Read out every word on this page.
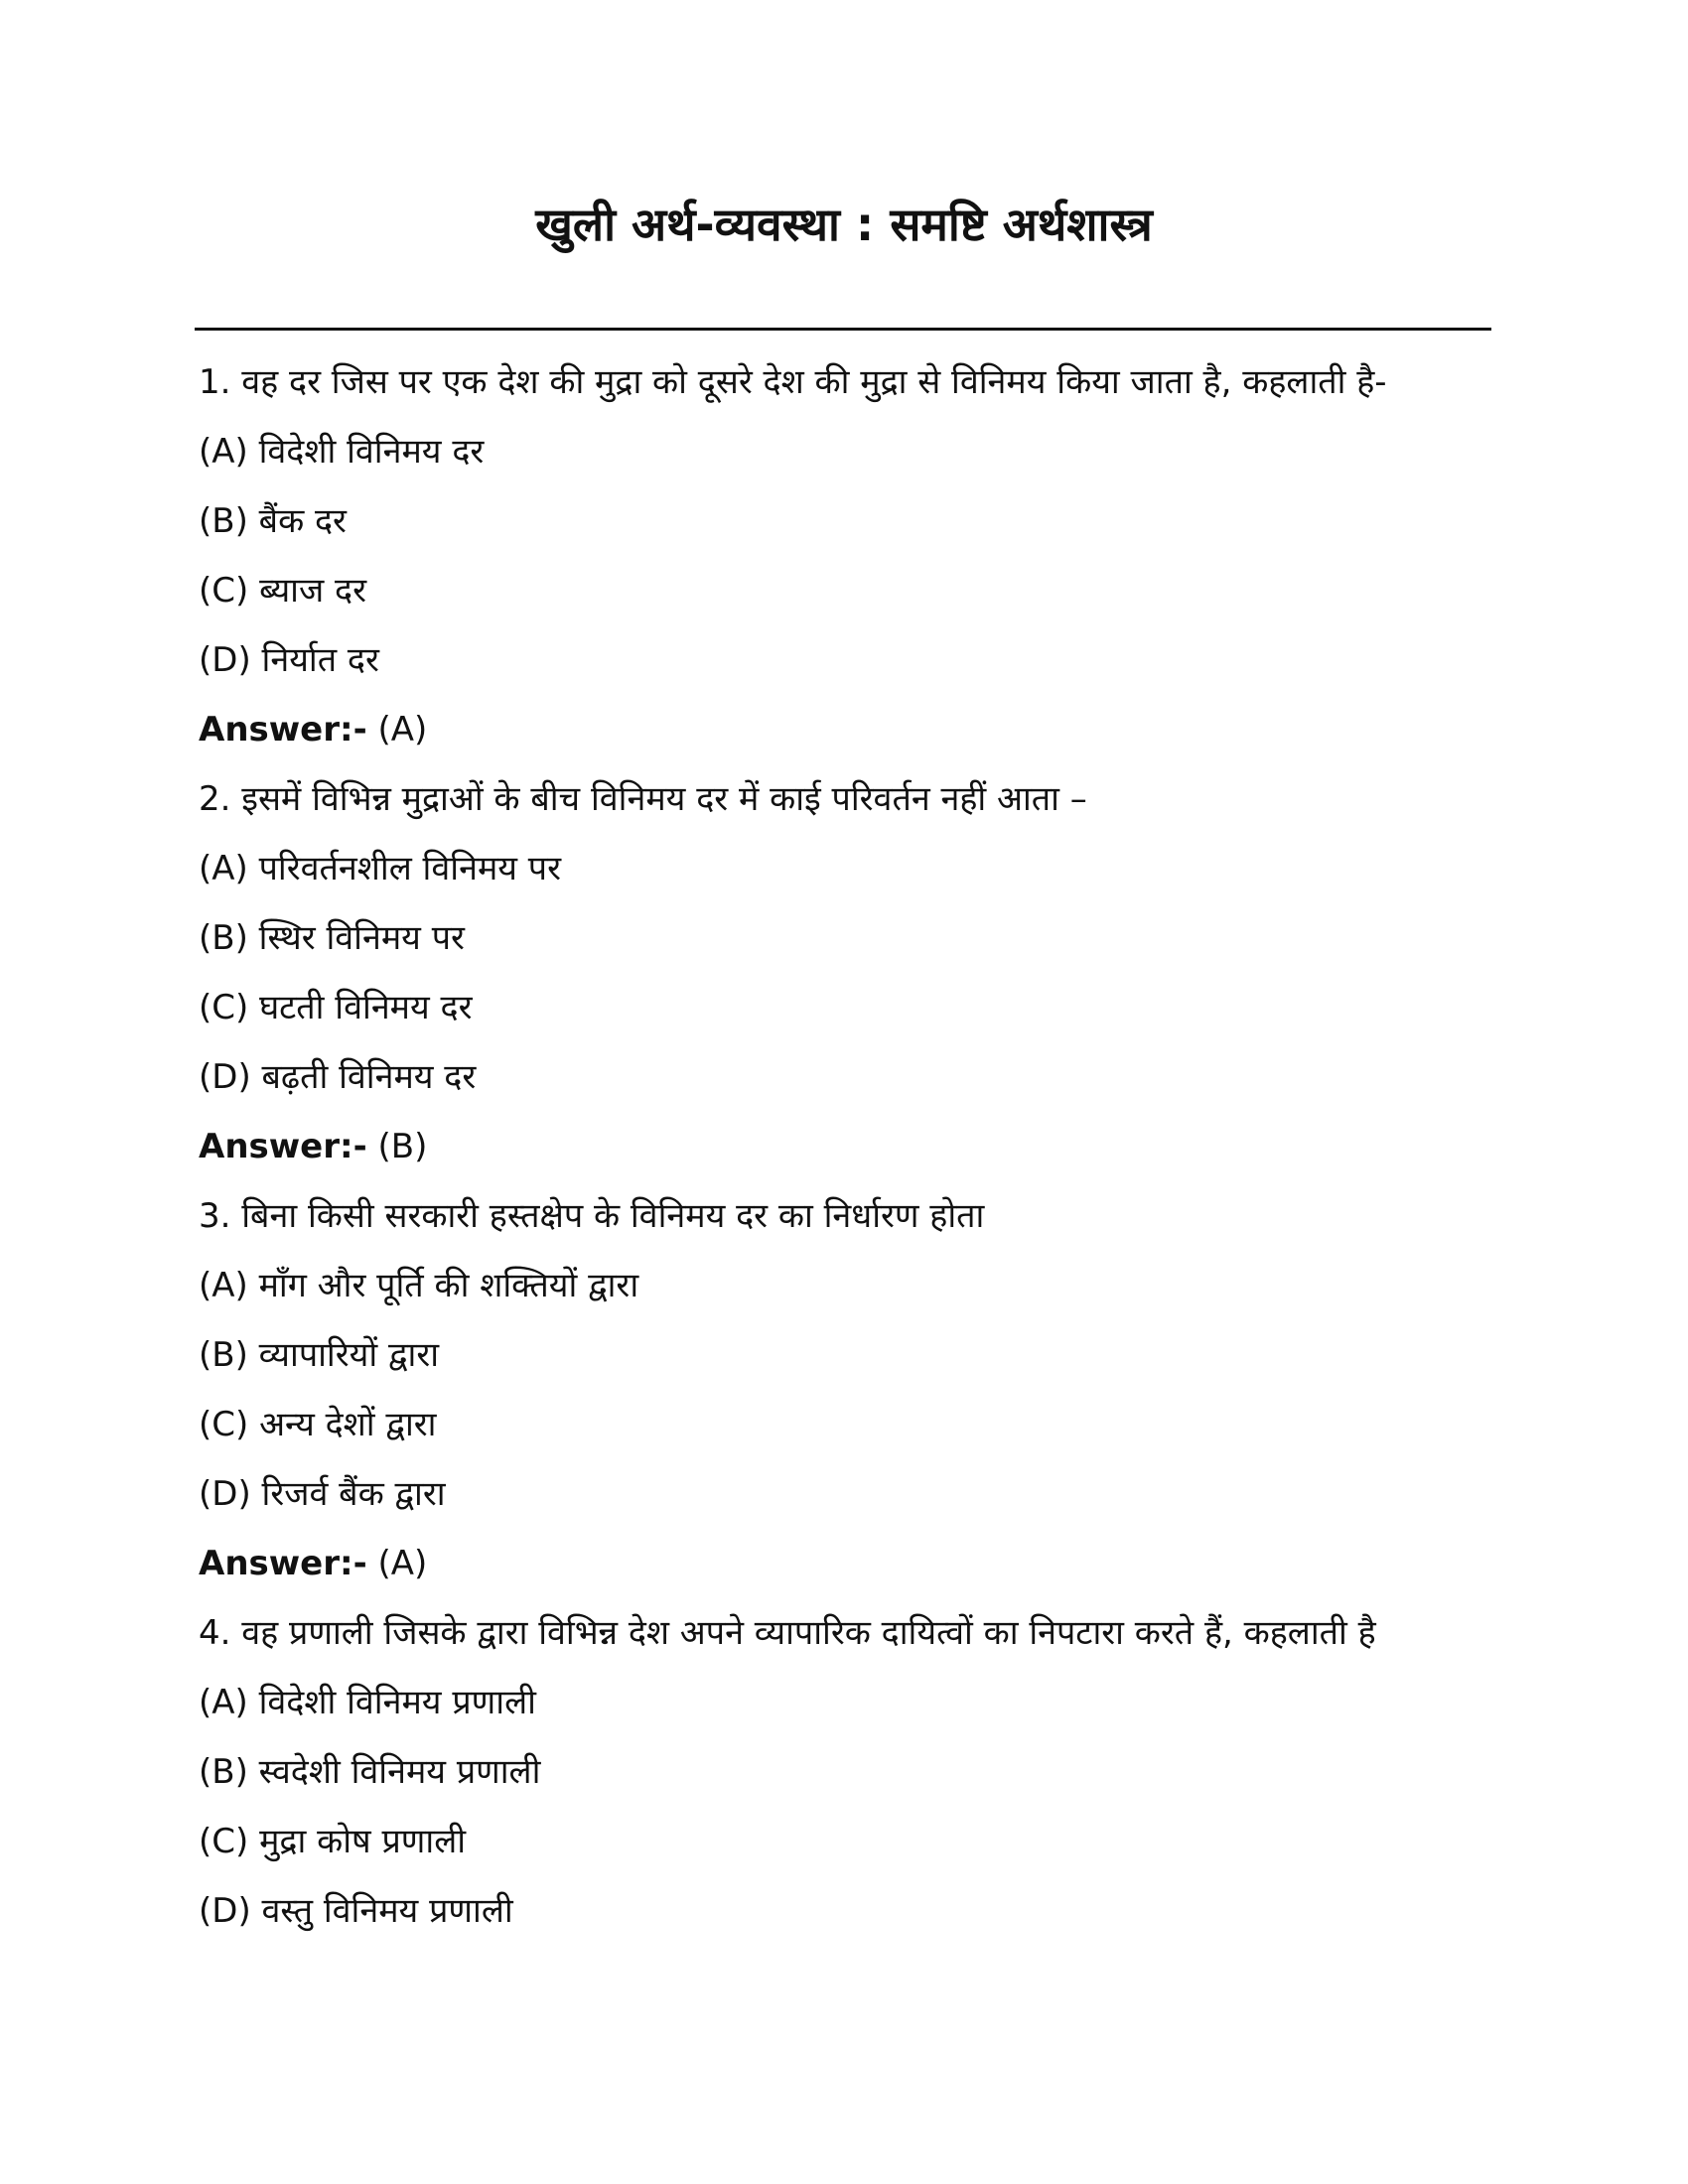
खुली अर्थ-व्यवस्था : समष्टि अर्थशास्त्र
1. वह दर जिस पर एक देश की मुद्रा को दूसरे देश की मुद्रा से विनिमय किया जाता है, कहलाती है-
(A) विदेशी विनिमय दर
(B) बैंक दर
(C) ब्याज दर
(D) निर्यात दर
Answer:- (A)
2. इसमें विभिन्न मुद्राओं के बीच विनिमय दर में काई परिवर्तन नहीं आता –
(A) परिवर्तनशील विनिमय पर
(B) स्थिर विनिमय पर
(C) घटती विनिमय दर
(D) बढ़ती विनिमय दर
Answer:- (B)
3. बिना किसी सरकारी हस्तक्षेप के विनिमय दर का निर्धारण होता
(A) माँग और पूर्ति की शक्तियों द्वारा
(B) व्यापारियों द्वारा
(C) अन्य देशों द्वारा
(D) रिजर्व बैंक द्वारा
Answer:- (A)
4. वह प्रणाली जिसके द्वारा विभिन्न देश अपने व्यापारिक दायित्वों का निपटारा करते हैं, कहलाती है
(A) विदेशी विनिमय प्रणाली
(B) स्वदेशी विनिमय प्रणाली
(C) मुद्रा कोष प्रणाली
(D) वस्तु विनिमय प्रणाली
